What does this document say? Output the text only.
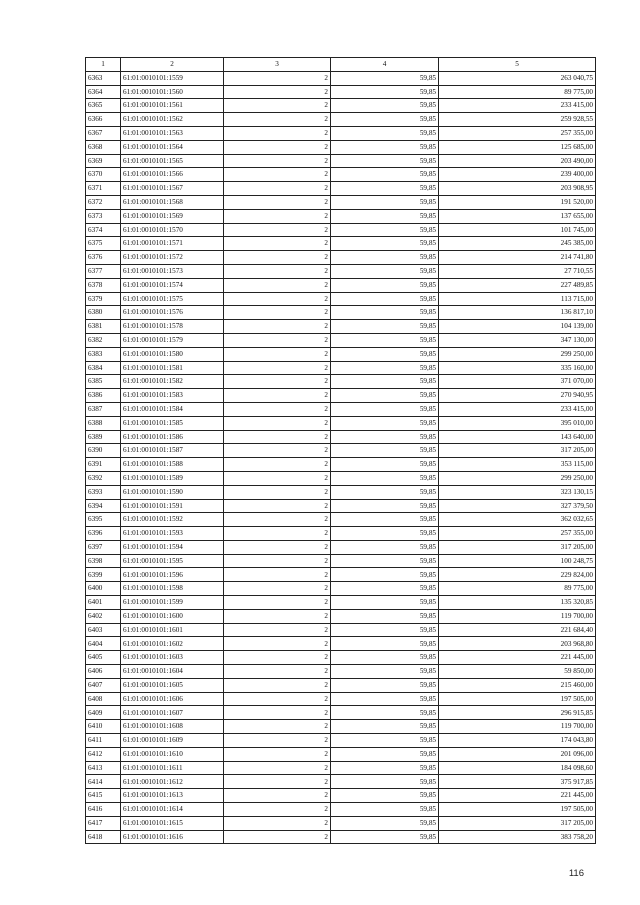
1	2	3	4	5
6363	61:01:0010101:1559	2	59,85	263 040,75
6364	61:01:0010101:1560	2	59,85	89 775,00
6365	61:01:0010101:1561	2	59,85	233 415,00
6366	61:01:0010101:1562	2	59,85	259 928,55
6367	61:01:0010101:1563	2	59,85	257 355,00
6368	61:01:0010101:1564	2	59,85	125 685,00
6369	61:01:0010101:1565	2	59,85	203 490,00
6370	61:01:0010101:1566	2	59,85	239 400,00
6371	61:01:0010101:1567	2	59,85	203 908,95
6372	61:01:0010101:1568	2	59,85	191 520,00
6373	61:01:0010101:1569	2	59,85	137 655,00
6374	61:01:0010101:1570	2	59,85	101 745,00
6375	61:01:0010101:1571	2	59,85	245 385,00
6376	61:01:0010101:1572	2	59,85	214 741,80
6377	61:01:0010101:1573	2	59,85	27 710,55
6378	61:01:0010101:1574	2	59,85	227 489,85
6379	61:01:0010101:1575	2	59,85	113 715,00
6380	61:01:0010101:1576	2	59,85	136 817,10
6381	61:01:0010101:1578	2	59,85	104 139,00
6382	61:01:0010101:1579	2	59,85	347 130,00
6383	61:01:0010101:1580	2	59,85	299 250,00
6384	61:01:0010101:1581	2	59,85	335 160,00
6385	61:01:0010101:1582	2	59,85	371 070,00
6386	61:01:0010101:1583	2	59,85	270 940,95
6387	61:01:0010101:1584	2	59,85	233 415,00
6388	61:01:0010101:1585	2	59,85	395 010,00
6389	61:01:0010101:1586	2	59,85	143 640,00
6390	61:01:0010101:1587	2	59,85	317 205,00
6391	61:01:0010101:1588	2	59,85	353 115,00
6392	61:01:0010101:1589	2	59,85	299 250,00
6393	61:01:0010101:1590	2	59,85	323 130,15
6394	61:01:0010101:1591	2	59,85	327 379,50
6395	61:01:0010101:1592	2	59,85	362 032,65
6396	61:01:0010101:1593	2	59,85	257 355,00
6397	61:01:0010101:1594	2	59,85	317 205,00
6398	61:01:0010101:1595	2	59,85	100 248,75
6399	61:01:0010101:1596	2	59,85	229 824,00
6400	61:01:0010101:1598	2	59,85	89 775,00
6401	61:01:0010101:1599	2	59,85	135 320,85
6402	61:01:0010101:1600	2	59,85	119 700,00
6403	61:01:0010101:1601	2	59,85	221 684,40
6404	61:01:0010101:1602	2	59,85	203 968,80
6405	61:01:0010101:1603	2	59,85	221 445,00
6406	61:01:0010101:1604	2	59,85	59 850,00
6407	61:01:0010101:1605	2	59,85	215 460,00
6408	61:01:0010101:1606	2	59,85	197 505,00
6409	61:01:0010101:1607	2	59,85	296 915,85
6410	61:01:0010101:1608	2	59,85	119 700,00
6411	61:01:0010101:1609	2	59,85	174 043,80
6412	61:01:0010101:1610	2	59,85	201 096,00
6413	61:01:0010101:1611	2	59,85	184 098,60
6414	61:01:0010101:1612	2	59,85	375 917,85
6415	61:01:0010101:1613	2	59,85	221 445,00
6416	61:01:0010101:1614	2	59,85	197 505,00
6417	61:01:0010101:1615	2	59,85	317 205,00
6418	61:01:0010101:1616	2	59,85	383 758,20
116
